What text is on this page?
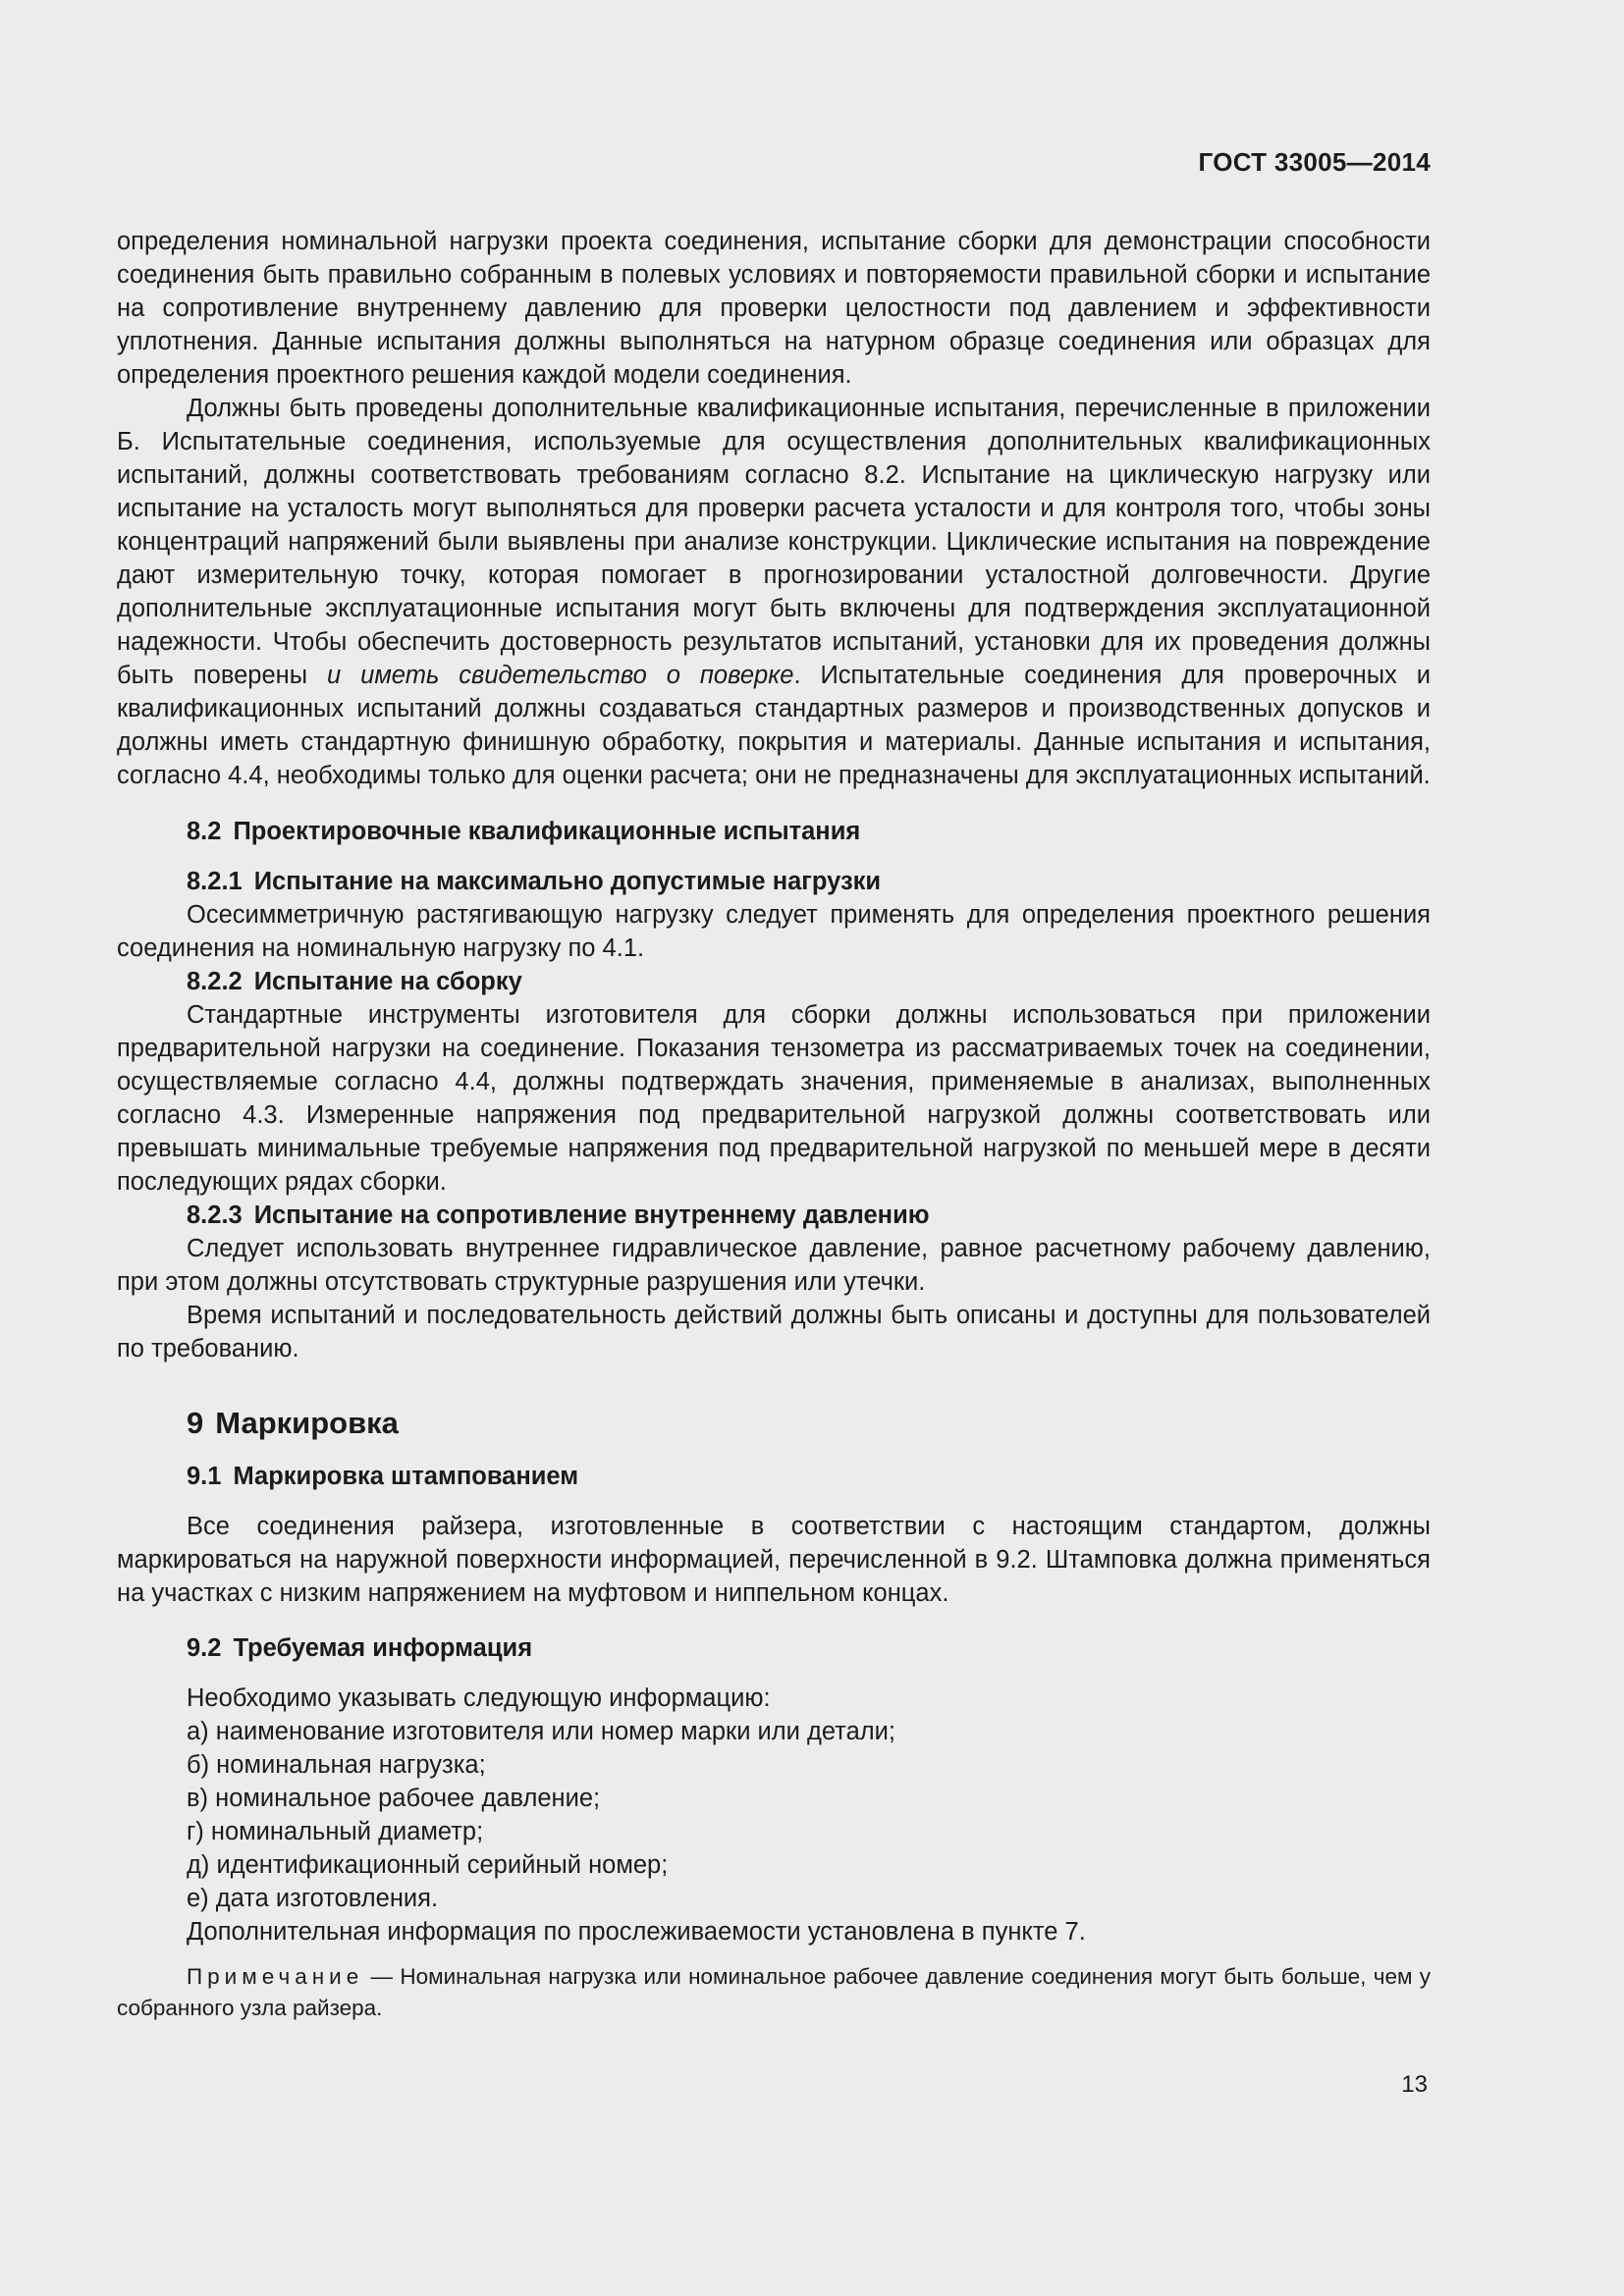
ГОСТ 33005—2014

определения номинальной нагрузки проекта соединения, испытание сборки для демонстрации способности соединения быть правильно собранным в полевых условиях и повторяемости правильной сборки и испытание на сопротивление внутреннему давлению для проверки целостности под давлением и эффективности уплотнения. Данные испытания должны выполняться на натурном образце соединения или образцах для определения проектного решения каждой модели соединения.

Должны быть проведены дополнительные квалификационные испытания, перечисленные в приложении Б. Испытательные соединения, используемые для осуществления дополнительных квалификационных испытаний, должны соответствовать требованиям согласно 8.2. Испытание на циклическую нагрузку или испытание на усталость могут выполняться для проверки расчета усталости и для контроля того, чтобы зоны концентраций напряжений были выявлены при анализе конструкции. Циклические испытания на повреждение дают измерительную точку, которая помогает в прогнозировании усталостной долговечности. Другие дополнительные эксплуатационные испытания могут быть включены для подтверждения эксплуатационной надежности. Чтобы обеспечить достоверность результатов испытаний, установки для их проведения должны быть поверены и иметь свидетельство о поверке. Испытательные соединения для проверочных и квалификационных испытаний должны создаваться стандартных размеров и производственных допусков и должны иметь стандартную финишную обработку, покрытия и материалы. Данные испытания и испытания, согласно 4.4, необходимы только для оценки расчета; они не предназначены для эксплуатационных испытаний.

8.2 Проектировочные квалификационные испытания
8.2.1 Испытание на максимально допустимые нагрузки

Осесимметричную растягивающую нагрузку следует применять для определения проектного решения соединения на номинальную нагрузку по 4.1.

8.2.2 Испытание на сборку

Стандартные инструменты изготовителя для сборки должны использоваться при приложении предварительной нагрузки на соединение. Показания тензометра из рассматриваемых точек на соединении, осуществляемые согласно 4.4, должны подтверждать значения, применяемые в анализах, выполненных согласно 4.3. Измеренные напряжения под предварительной нагрузкой должны соответствовать или превышать минимальные требуемые напряжения под предварительной нагрузкой по меньшей мере в десяти последующих рядах сборки.

8.2.3 Испытание на сопротивление внутреннему давлению

Следует использовать внутреннее гидравлическое давление, равное расчетному рабочему давлению, при этом должны отсутствовать структурные разрушения или утечки.

Время испытаний и последовательность действий должны быть описаны и доступны для пользователей по требованию.

9 Маркировка
9.1 Маркировка штампованием

Все соединения райзера, изготовленные в соответствии с настоящим стандартом, должны маркироваться на наружной поверхности информацией, перечисленной в 9.2. Штамповка должна применяться на участках с низким напряжением на муфтовом и ниппельном концах.

9.2 Требуемая информация

Необходимо указывать следующую информацию:

а) наименование изготовителя или номер марки или детали;
б) номинальная нагрузка;
в) номинальное рабочее давление;
г) номинальный диаметр;
д) идентификационный серийный номер;
е) дата изготовления.

Дополнительная информация по прослеживаемости установлена в пункте 7.

Примечание — Номинальная нагрузка или номинальное рабочее давление соединения могут быть больше, чем у собранного узла райзера.

13
